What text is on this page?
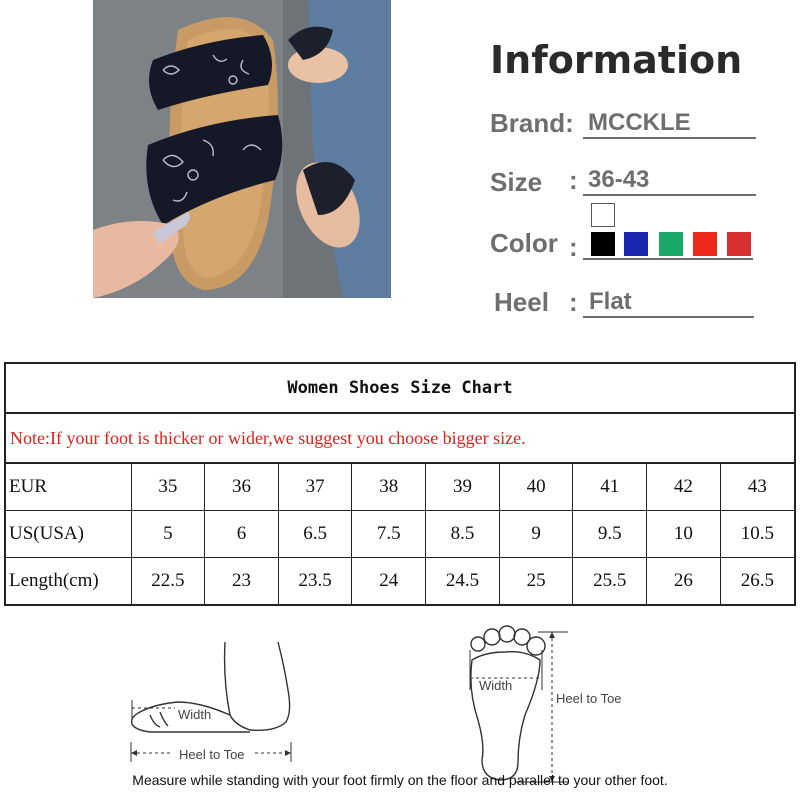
Information
Brand: MCCKLE
Size : 36-43
Color :
Heel : Flat
Women Shoes Size Chart
Note:If your foot is thicker or wider,we suggest you choose bigger size.
EUR	35	36	37	38	39	40	41	42	43
US(USA)	5	6	6.5	7.5	8.5	9	9.5	10	10.5
Length(cm)	22.5	23	23.5	24	24.5	25	25.5	26	26.5
Width
Heel to Toe
Width
Heel to Toe
Measure while standing with your foot firmly on the floor and parallel to your other foot.
